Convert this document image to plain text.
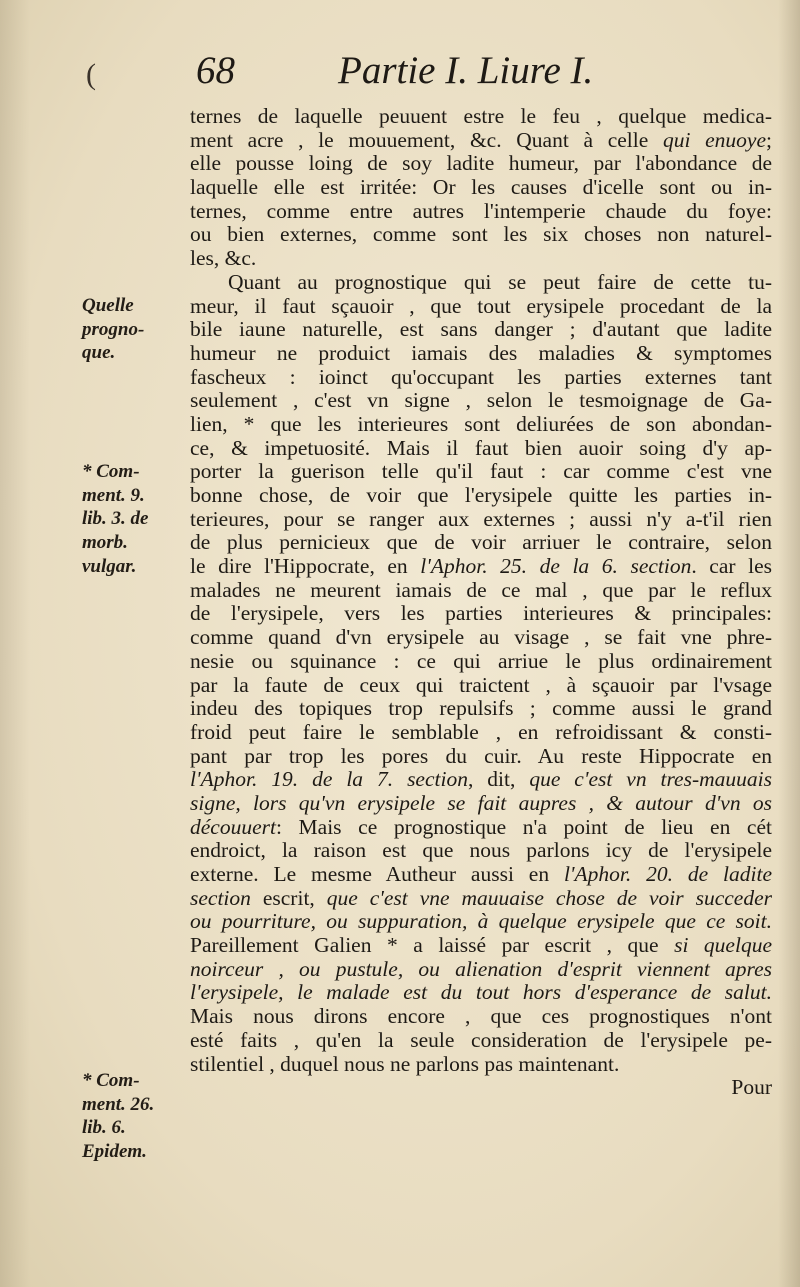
(	68	Partie I. Liure I.
Quelle
progno-
que.
* Com-
ment. 9.
lib. 3. de
morb.
vulgar.
* Com-
ment. 26.
lib. 6.
Epidem.
ternes de laquelle peuuent estre le feu , quelque medica-
ment acre , le mouuement, &c. Quant à celle qui enuoye;
elle pousse loing de soy ladite humeur, par l'abondance de
laquelle elle est irritée: Or les causes d'icelle sont ou in-
ternes, comme entre autres l'intemperie chaude du foye:
ou bien externes, comme sont les six choses non naturel-
les, &c.
Quant au prognostique qui se peut faire de cette tu-
meur, il faut sçauoir , que tout erysipele procedant de la
bile iaune naturelle, est sans danger ; d'autant que ladite
humeur ne produict iamais des maladies & symptomes
fascheux : ioinct qu'occupant les parties externes tant
seulement , c'est vn signe , selon le tesmoignage de Ga-
lien, * que les interieures sont deliurées de son abondan-
ce, & impetuosité. Mais il faut bien auoir soing d'y ap-
porter la guerison telle qu'il faut : car comme c'est vne
bonne chose, de voir que l'erysipele quitte les parties in-
terieures, pour se ranger aux externes ; aussi n'y a-t'il rien
de plus pernicieux que de voir arriuer le contraire, selon
le dire l'Hippocrate, en l'Aphor. 25. de la 6. section. car les
malades ne meurent iamais de ce mal , que par le reflux
de l'erysipele, vers les parties interieures & principales:
comme quand d'vn erysipele au visage , se fait vne phre-
nesie ou squinance : ce qui arriue le plus ordinairement
par la faute de ceux qui traictent , à sçauoir par l'vsage
indeu des topiques trop repulsifs ; comme aussi le grand
froid peut faire le semblable , en refroidissant & consti-
pant par trop les pores du cuir. Au reste Hippocrate en
l'Aphor. 19. de la 7. section, dit, que c'est vn tres-mauuais
signe, lors qu'vn erysipele se fait aupres , & autour d'vn os
découuert: Mais ce prognostique n'a point de lieu en cét
endroict, la raison est que nous parlons icy de l'erysipele
externe. Le mesme Autheur aussi en l'Aphor. 20. de ladite
section escrit, que c'est vne mauuaise chose de voir succeder
ou pourriture, ou suppuration, à quelque erysipele que ce soit.
Pareillement Galien * a laissé par escrit , que si quelque
noirceur , ou pustule, ou alienation d'esprit viennent apres
l'erysipele, le malade est du tout hors d'esperance de salut.
Mais nous dirons encore , que ces prognostiques n'ont
esté faits , qu'en la seule consideration de l'erysipele pe-
stilentiel , duquel nous ne parlons pas maintenant.
Pour
